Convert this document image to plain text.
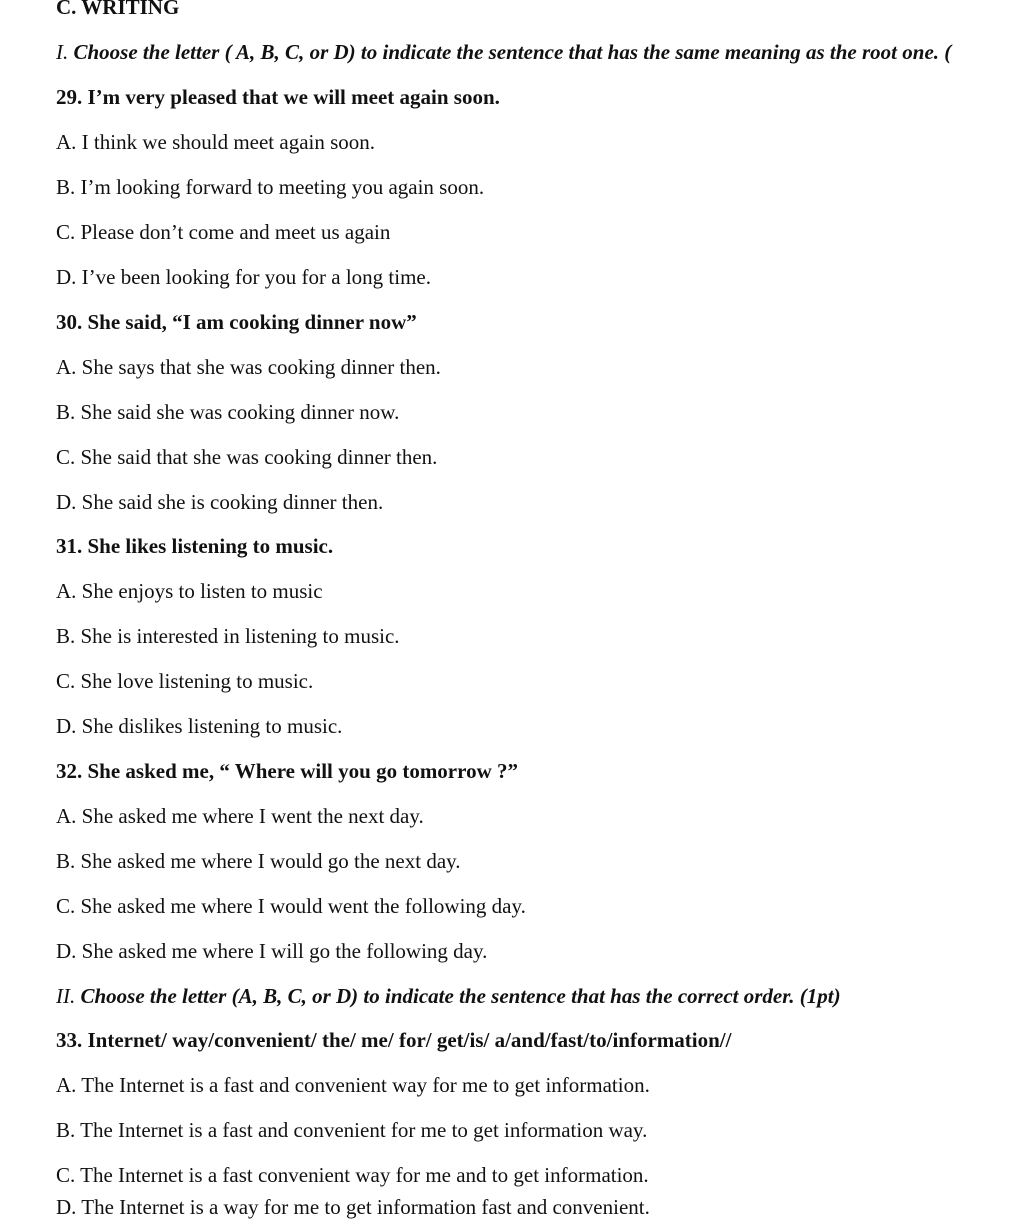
C. WRITING
I. Choose the letter ( A, B, C, or D) to indicate the sentence that has the same meaning as the root one. (
29. I’m very pleased that we will meet again soon.
A. I think we should meet again soon.
B. I’m looking forward to meeting you again soon.
C. Please don’t come and meet us again
D. I’ve been looking for you for a long time.
30. She said, “I am cooking dinner now”
A. She says that she was cooking dinner then.
B. She said she was cooking dinner now.
C. She said that she was cooking dinner then.
D. She said she is cooking dinner then.
31. She likes listening to music.
A. She enjoys to listen to music
B. She is interested in listening to music.
C. She love listening to music.
D. She dislikes listening to music.
32. She asked me, “ Where will you go tomorrow ?”
A. She asked me where I went the next day.
B. She asked me where I would go the next day.
C. She asked me where I would went the following day.
D. She asked me where I will go the following day.
II. Choose the letter (A, B, C, or D) to indicate the sentence that has the correct order. (1pt)
33. Internet/ way/convenient/ the/ me/ for/ get/is/ a/and/fast/to/information//
A. The Internet is a fast and convenient way for me to get information.
B. The Internet is a fast and convenient for me to get information way.
C. The Internet is a fast convenient way for me and to get information.
D. The Internet is a way for me to get information fast and convenient.
